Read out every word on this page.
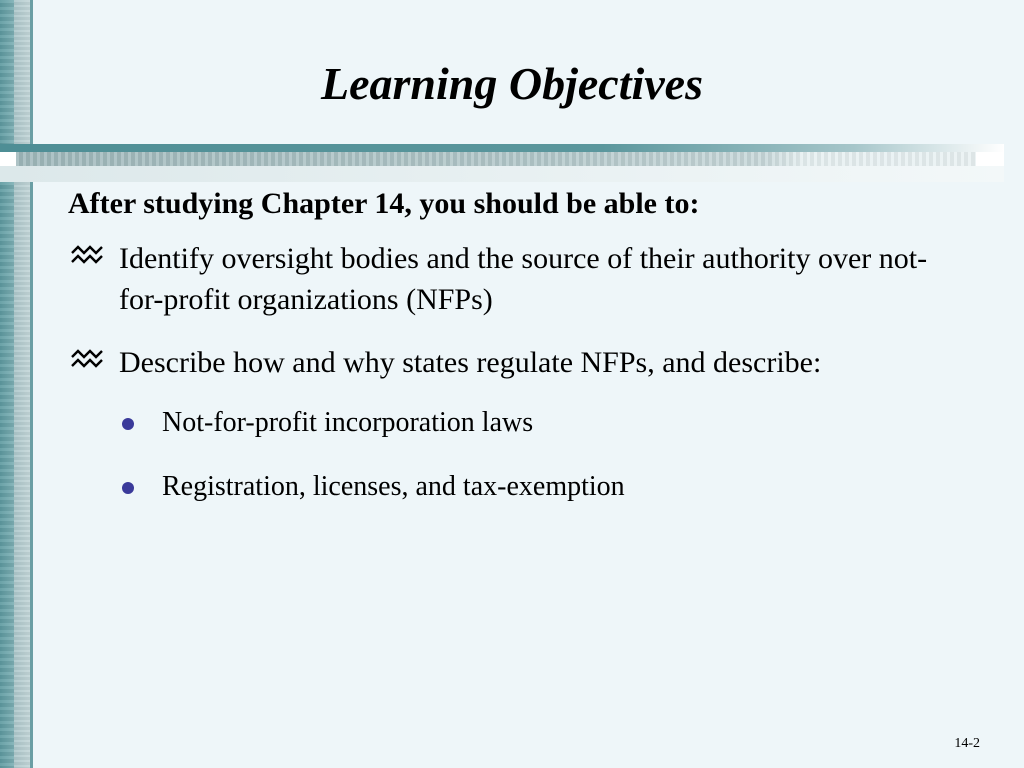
Learning Objectives
After studying Chapter 14, you should be able to:
Identify oversight bodies and the source of their authority over not-for-profit organizations (NFPs)
Describe how and why states regulate NFPs, and describe:
Not-for-profit incorporation laws
Registration, licenses, and tax-exemption
14-2
